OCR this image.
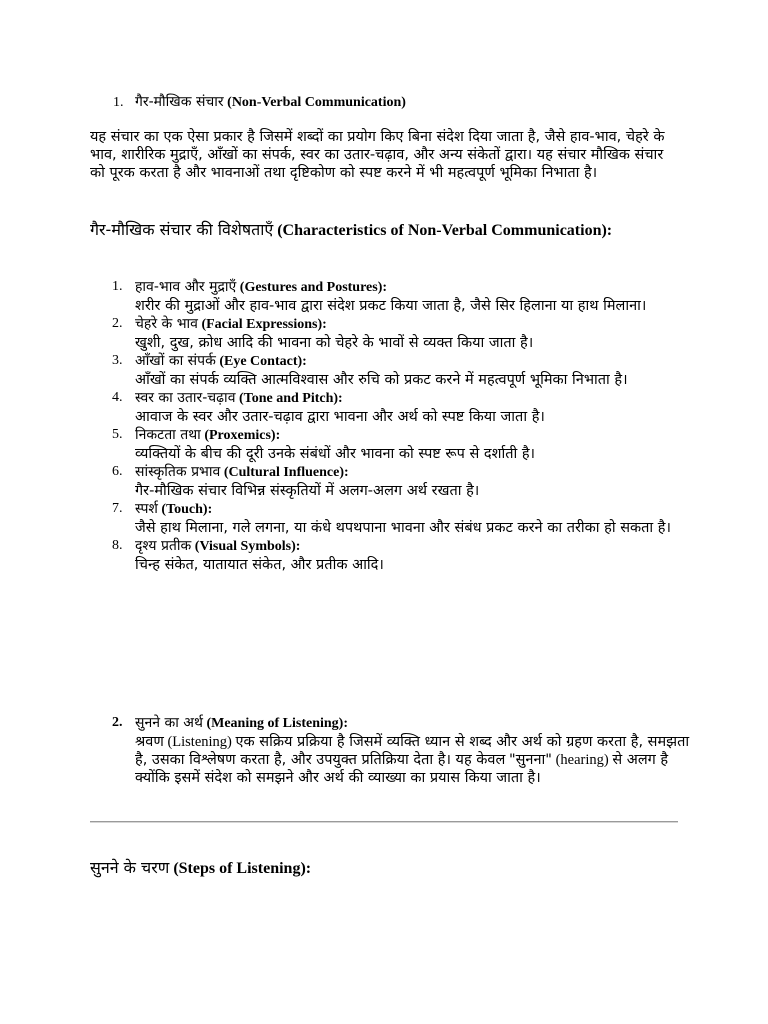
1. गैर-मौखिक संचार (Non-Verbal Communication)
यह संचार का एक ऐसा प्रकार है जिसमें शब्दों का प्रयोग किए बिना संदेश दिया जाता है, जैसे हाव-भाव, चेहरे के भाव, शारीरिक मुद्राएँ, आँखों का संपर्क, स्वर का उतार-चढ़ाव, और अन्य संकेतों द्वारा। यह संचार मौखिक संचार को पूरक करता है और भावनाओं तथा दृष्टिकोण को स्पष्ट करने में भी महत्वपूर्ण भूमिका निभाता है।
गैर-मौखिक संचार की विशेषताएँ (Characteristics of Non-Verbal Communication):
1. हाव-भाव और मुद्राएँ (Gestures and Postures):
शरीर की मुद्राओं और हाव-भाव द्वारा संदेश प्रकट किया जाता है, जैसे सिर हिलाना या हाथ मिलाना।
2. चेहरे के भाव (Facial Expressions):
खुशी, दुख, क्रोध आदि की भावना को चेहरे के भावों से व्यक्त किया जाता है।
3. आँखों का संपर्क (Eye Contact):
आँखों का संपर्क व्यक्ति आत्मविश्वास और रुचि को प्रकट करने में महत्वपूर्ण भूमिका निभाता है।
4. स्वर का उतार-चढ़ाव (Tone and Pitch):
आवाज के स्वर और उतार-चढ़ाव द्वारा भावना और अर्थ को स्पष्ट किया जाता है।
5. निकटता तथा (Proxemics):
व्यक्तियों के बीच की दूरी उनके संबंधों और भावना को स्पष्ट रूप से दर्शाती है।
6. सांस्कृतिक प्रभाव (Cultural Influence):
गैर-मौखिक संचार विभिन्न संस्कृतियों में अलग-अलग अर्थ रखता है।
7. स्पर्श (Touch):
जैसे हाथ मिलाना, गले लगना, या कंधे थपथपाना भावना और संबंध प्रकट करने का तरीका हो सकता है।
8. दृश्य प्रतीक (Visual Symbols):
चिन्ह संकेत, यातायात संकेत, और प्रतीक आदि।
2. सुनने का अर्थ (Meaning of Listening):
श्रवण (Listening) एक सक्रिय प्रक्रिया है जिसमें व्यक्ति ध्यान से शब्द और अर्थ को ग्रहण करता है, समझता है, उसका विश्लेषण करता है, और उपयुक्त प्रतिक्रिया देता है। यह केवल "सुनना" (hearing) से अलग है क्योंकि इसमें संदेश को समझने और अर्थ की व्याख्या का प्रयास किया जाता है।
सुनने के चरण (Steps of Listening):
